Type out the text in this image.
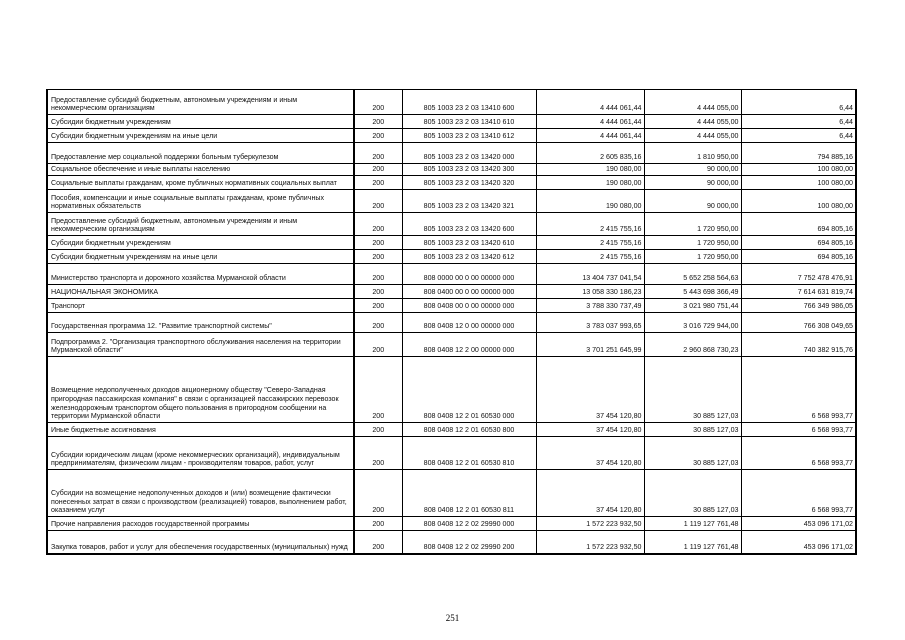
Предоставление субсидий бюджетным, автономным учреждениям и иным некоммерческим организациям	200	805 1003 23 2 03 13410 600	4 444 061,44	4 444 055,00	6,44
Субсидии бюджетным учреждениям	200	805 1003 23 2 03 13410 610	4 444 061,44	4 444 055,00	6,44
Субсидии бюджетным учреждениям на иные цели	200	805 1003 23 2 03 13410 612	4 444 061,44	4 444 055,00	6,44
Предоставление мер социальной поддержки больным туберкулезом	200	805 1003 23 2 03 13420 000	2 605 835,16	1 810 950,00	794 885,16
Социальное обеспечение и иные выплаты населению	200	805 1003 23 2 03 13420 300	190 080,00	90 000,00	100 080,00
Социальные выплаты гражданам, кроме публичных нормативных социальных выплат	200	805 1003 23 2 03 13420 320	190 080,00	90 000,00	100 080,00
Пособия, компенсации и иные социальные выплаты гражданам, кроме публичных нормативных обязательств	200	805 1003 23 2 03 13420 321	190 080,00	90 000,00	100 080,00
Предоставление субсидий бюджетным, автономным учреждениям и иным некоммерческим организациям	200	805 1003 23 2 03 13420 600	2 415 755,16	1 720 950,00	694 805,16
Субсидии бюджетным учреждениям	200	805 1003 23 2 03 13420 610	2 415 755,16	1 720 950,00	694 805,16
Субсидии бюджетным учреждениям на иные цели	200	805 1003 23 2 03 13420 612	2 415 755,16	1 720 950,00	694 805,16
Министерство транспорта и дорожного хозяйства Мурманской области	200	808 0000 00 0 00 00000 000	13 404 737 041,54	5 652 258 564,63	7 752 478 476,91
НАЦИОНАЛЬНАЯ ЭКОНОМИКА	200	808 0400 00 0 00 00000 000	13 058 330 186,23	5 443 698 366,49	7 614 631 819,74
Транспорт	200	808 0408 00 0 00 00000 000	3 788 330 737,49	3 021 980 751,44	766 349 986,05
Государственная программа 12. "Развитие транспортной системы"	200	808 0408 12 0 00 00000 000	3 783 037 993,65	3 016 729 944,00	766 308 049,65
Подпрограмма 2. "Организация транспортного обслуживания населения на территории Мурманской области"	200	808 0408 12 2 00 00000 000	3 701 251 645,99	2 960 868 730,23	740 382 915,76
Возмещение недополученных доходов акционерному обществу "Северо-Западная пригородная пассажирская компания" в связи с организацией пассажирских перевозок железнодорожным транспортом общего пользования в пригородном сообщении на территории Мурманской области	200	808 0408 12 2 01 60530 000	37 454 120,80	30 885 127,03	6 568 993,77
Иные бюджетные ассигнования	200	808 0408 12 2 01 60530 800	37 454 120,80	30 885 127,03	6 568 993,77
Субсидии юридическим лицам (кроме некоммерческих организаций), индивидуальным предпринимателям, физическим лицам - производителям товаров, работ, услуг	200	808 0408 12 2 01 60530 810	37 454 120,80	30 885 127,03	6 568 993,77
Субсидии на возмещение недополученных доходов и (или) возмещение фактически понесенных затрат в связи с производством (реализацией) товаров, выполнением работ, оказанием услуг	200	808 0408 12 2 01 60530 811	37 454 120,80	30 885 127,03	6 568 993,77
Прочие направления расходов государственной программы	200	808 0408 12 2 02 29990 000	1 572 223 932,50	1 119 127 761,48	453 096 171,02
Закупка товаров, работ и услуг для обеспечения государственных (муниципальных) нужд	200	808 0408 12 2 02 29990 200	1 572 223 932,50	1 119 127 761,48	453 096 171,02
251
